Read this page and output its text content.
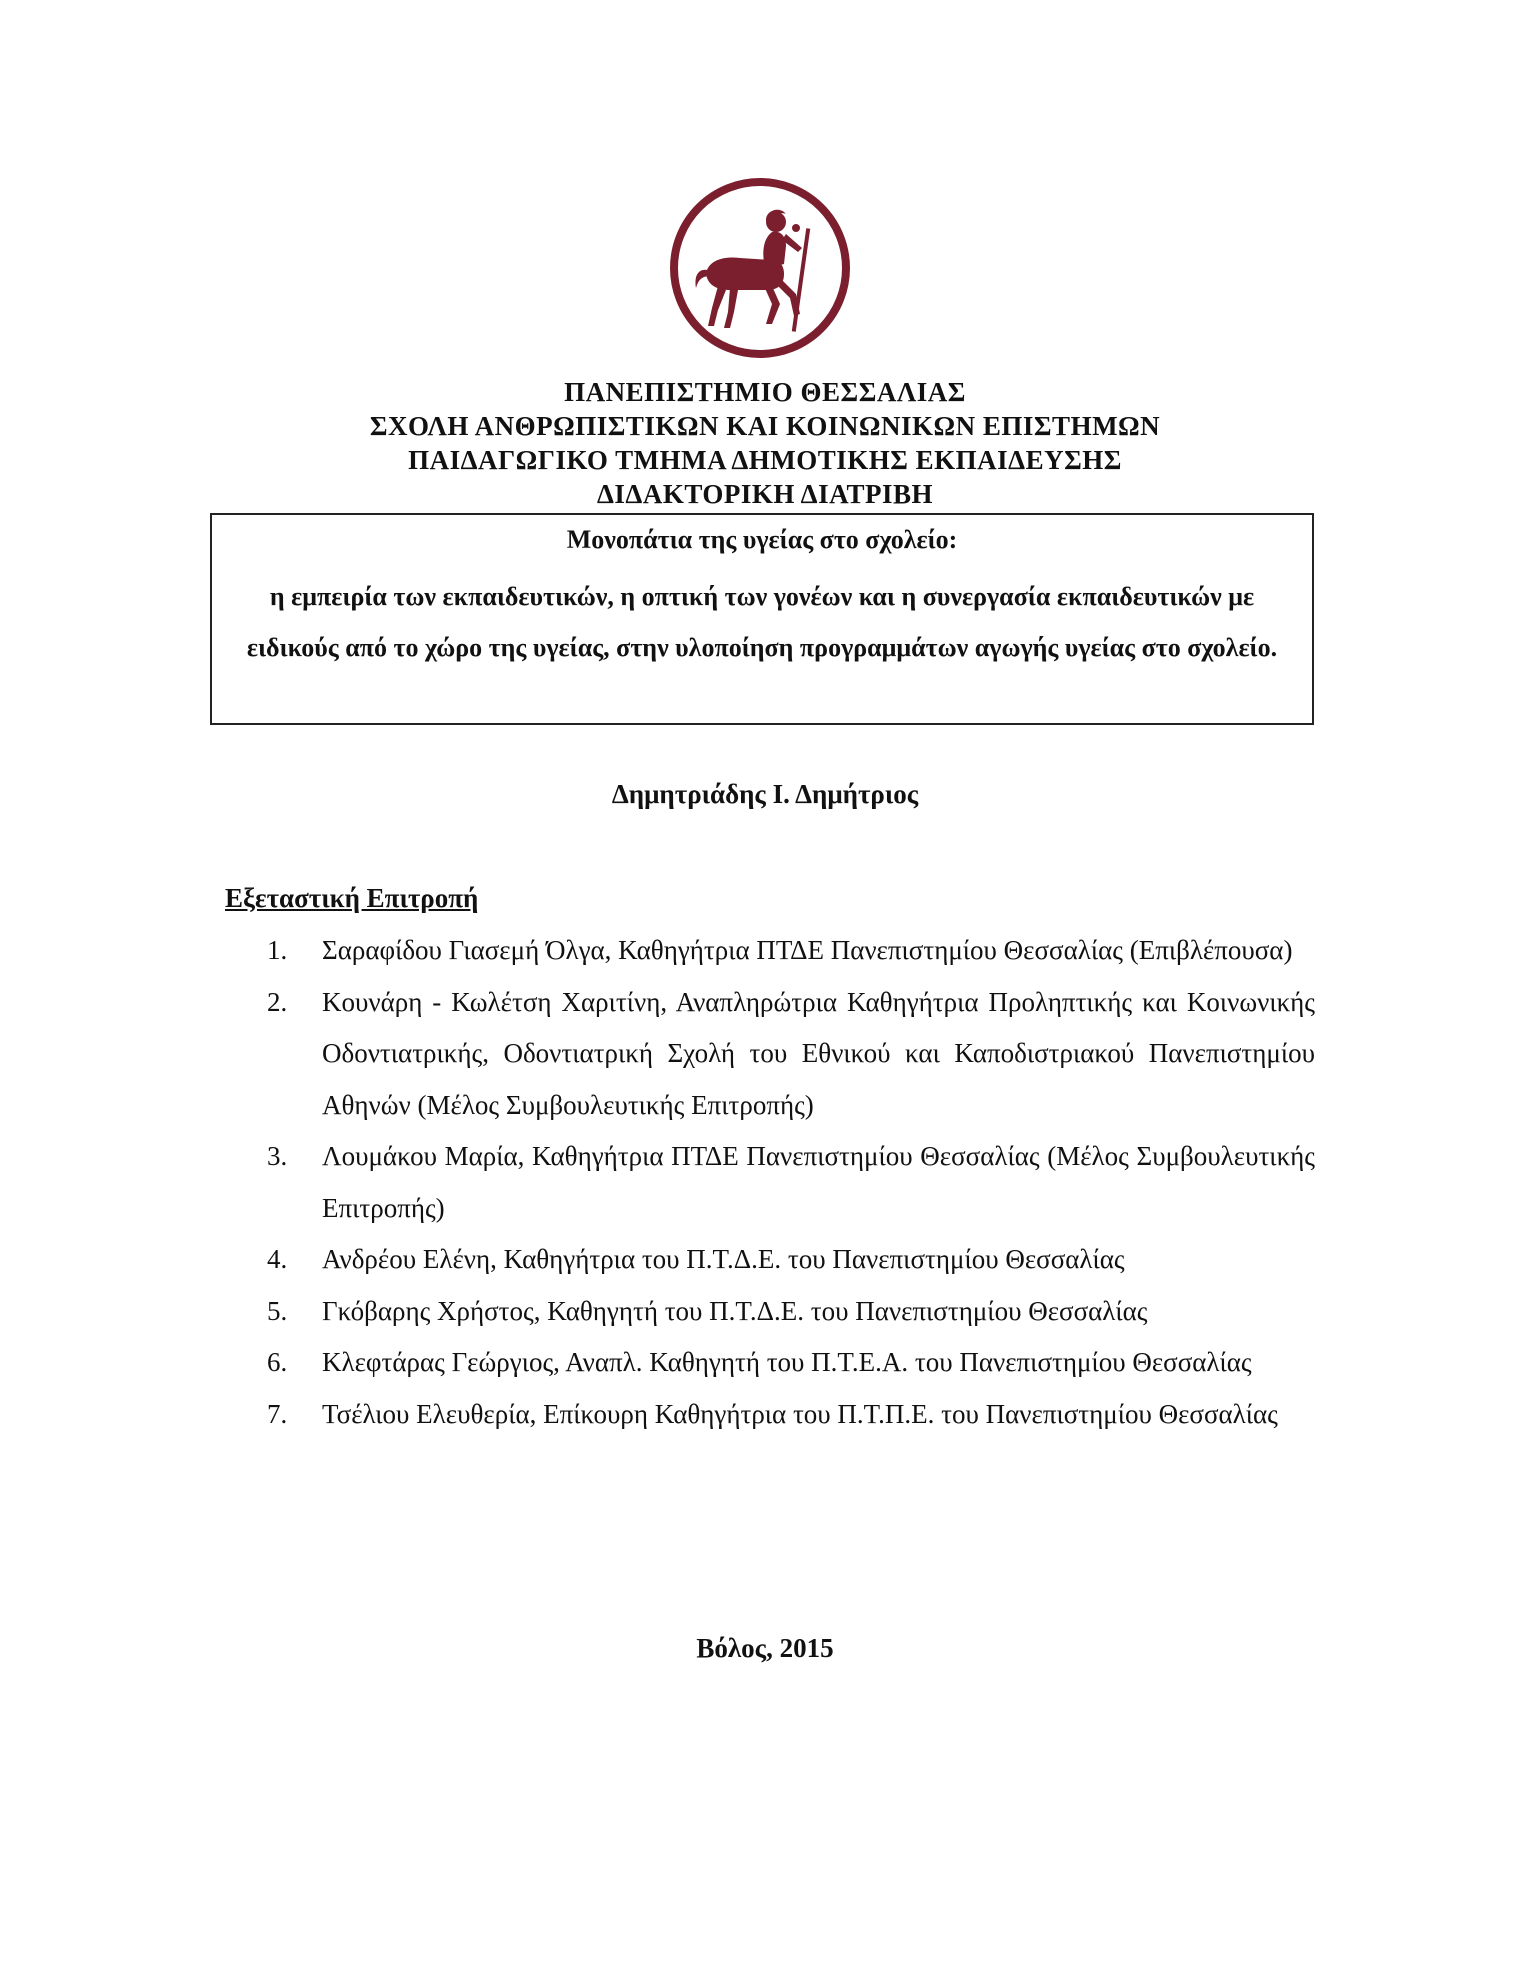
ΠΑΝΕΠΙΣΤΗΜΙΟ ΘΕΣΣΑΛΙΑΣ
ΣΧΟΛΗ ΑΝΘΡΩΠΙΣΤΙΚΩΝ ΚΑΙ ΚΟΙΝΩΝΙΚΩΝ ΕΠΙΣΤΗΜΩΝ
ΠΑΙΔΑΓΩΓΙΚΟ ΤΜΗΜΑ ΔΗΜΟΤΙΚΗΣ ΕΚΠΑΙΔΕΥΣΗΣ
ΔΙΔΑΚΤΟΡΙΚΗ ΔΙΑΤΡΙΒΗ
Μονοπάτια της υγείας στο σχολείο:
η εμπειρία των εκπαιδευτικών, η οπτική των γονέων και η συνεργασία εκπαιδευτικών με ειδικούς από το χώρο της υγείας, στην υλοποίηση προγραμμάτων αγωγής υγείας στο σχολείο.
Δημητριάδης Ι. Δημήτριος
Εξεταστική Επιτροπή
1. Σαραφίδου Γιασεμή Όλγα, Καθηγήτρια ΠΤΔΕ Πανεπιστημίου Θεσσαλίας (Επιβλέπουσα)
2. Κουνάρη - Κωλέτση Χαριτίνη, Αναπληρώτρια Καθηγήτρια Προληπτικής και Κοινωνικής Οδοντιατρικής, Οδοντιατρική Σχολή του Εθνικού και Καποδιστριακού Πανεπιστημίου Αθηνών (Μέλος Συμβουλευτικής Επιτροπής)
3. Λουμάκου Μαρία, Καθηγήτρια ΠΤΔΕ Πανεπιστημίου Θεσσαλίας (Μέλος Συμβουλευτικής Επιτροπής)
4. Ανδρέου Ελένη, Καθηγήτρια του Π.Τ.Δ.Ε. του Πανεπιστημίου Θεσσαλίας
5. Γκόβαρης Χρήστος, Καθηγητή του Π.Τ.Δ.Ε. του Πανεπιστημίου Θεσσαλίας
6. Κλεφτάρας Γεώργιος, Αναπλ. Καθηγητή του Π.Τ.Ε.Α. του Πανεπιστημίου Θεσσαλίας
7. Τσέλιου Ελευθερία, Επίκουρη Καθηγήτρια του Π.Τ.Π.Ε. του Πανεπιστημίου Θεσσαλίας
Βόλος, 2015
